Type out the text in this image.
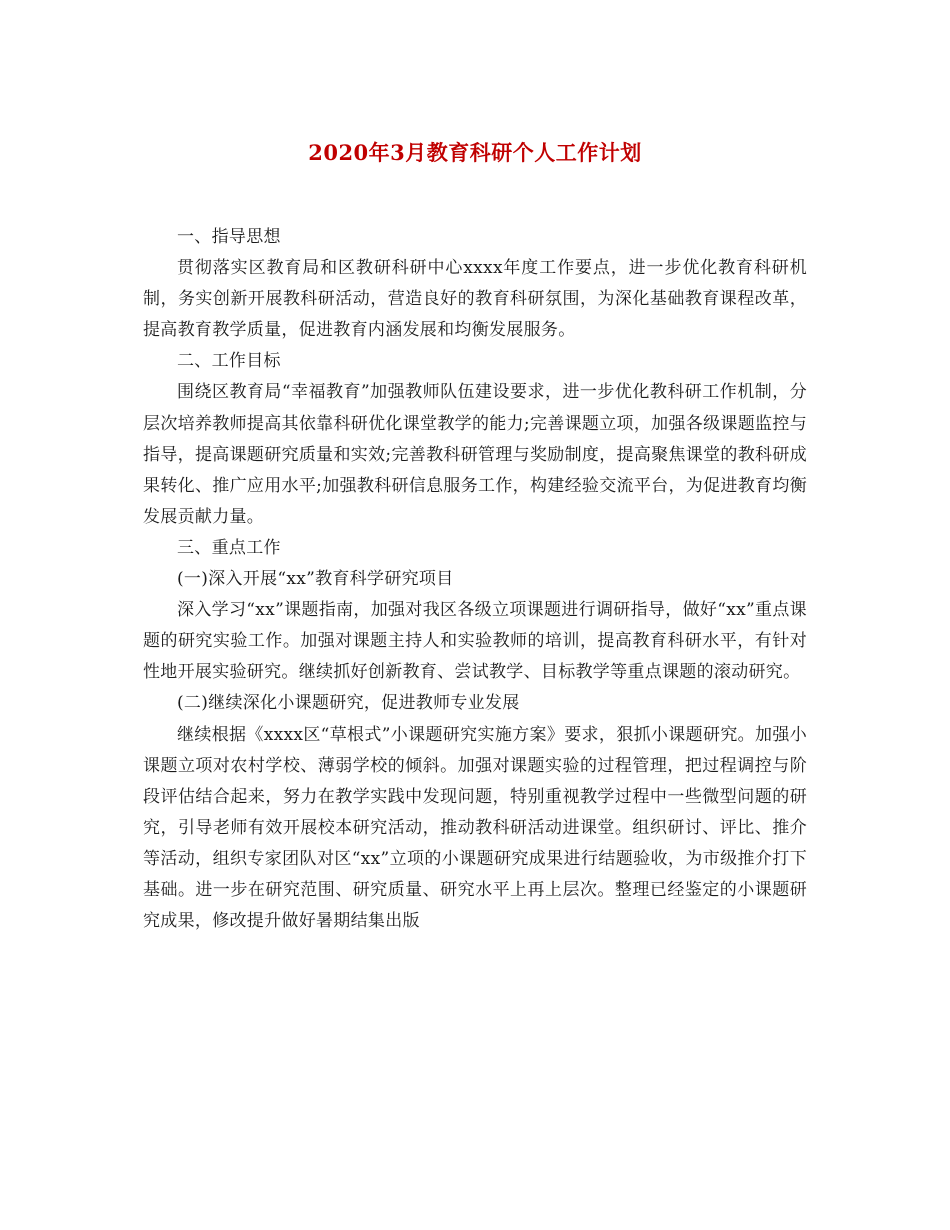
2020年3月教育科研个人工作计划

一、指导思想

贯彻落实区教育局和区教研科研中心xxxx年度工作要点，进一步优化教育科研机制，务实创新开展教科研活动，营造良好的教育科研氛围，为深化基础教育课程改革，提高教育教学质量，促进教育内涵发展和均衡发展服务。

二、工作目标

围绕区教育局“幸福教育”加强教师队伍建设要求，进一步优化教科研工作机制，分层次培养教师提高其依靠科研优化课堂教学的能力;完善课题立项，加强各级课题监控与指导，提高课题研究质量和实效;完善教科研管理与奖励制度，提高聚焦课堂的教科研成果转化、推广应用水平;加强教科研信息服务工作，构建经验交流平台，为促进教育均衡发展贡献力量。

三、重点工作

(一)深入开展“xx”教育科学研究项目

深入学习“xx”课题指南，加强对我区各级立项课题进行调研指导，做好“xx”重点课题的研究实验工作。加强对课题主持人和实验教师的培训，提高教育科研水平，有针对性地开展实验研究。继续抓好创新教育、尝试教学、目标教学等重点课题的滚动研究。

(二)继续深化小课题研究，促进教师专业发展

继续根据《xxxx区“草根式”小课题研究实施方案》要求，狠抓小课题研究。加强小课题立项对农村学校、薄弱学校的倾斜。加强对课题实验的过程管理，把过程调控与阶段评估结合起来，努力在教学实践中发现问题，特别重视教学过程中一些微型问题的研究，引导老师有效开展校本研究活动，推动教科研活动进课堂。组织研讨、评比、推介等活动，组织专家团队对区“xx”立项的小课题研究成果进行结题验收，为市级推介打下基础。进一步在研究范围、研究质量、研究水平上再上层次。整理已经鉴定的小课题研究成果，修改提升做好暑期结集出版
